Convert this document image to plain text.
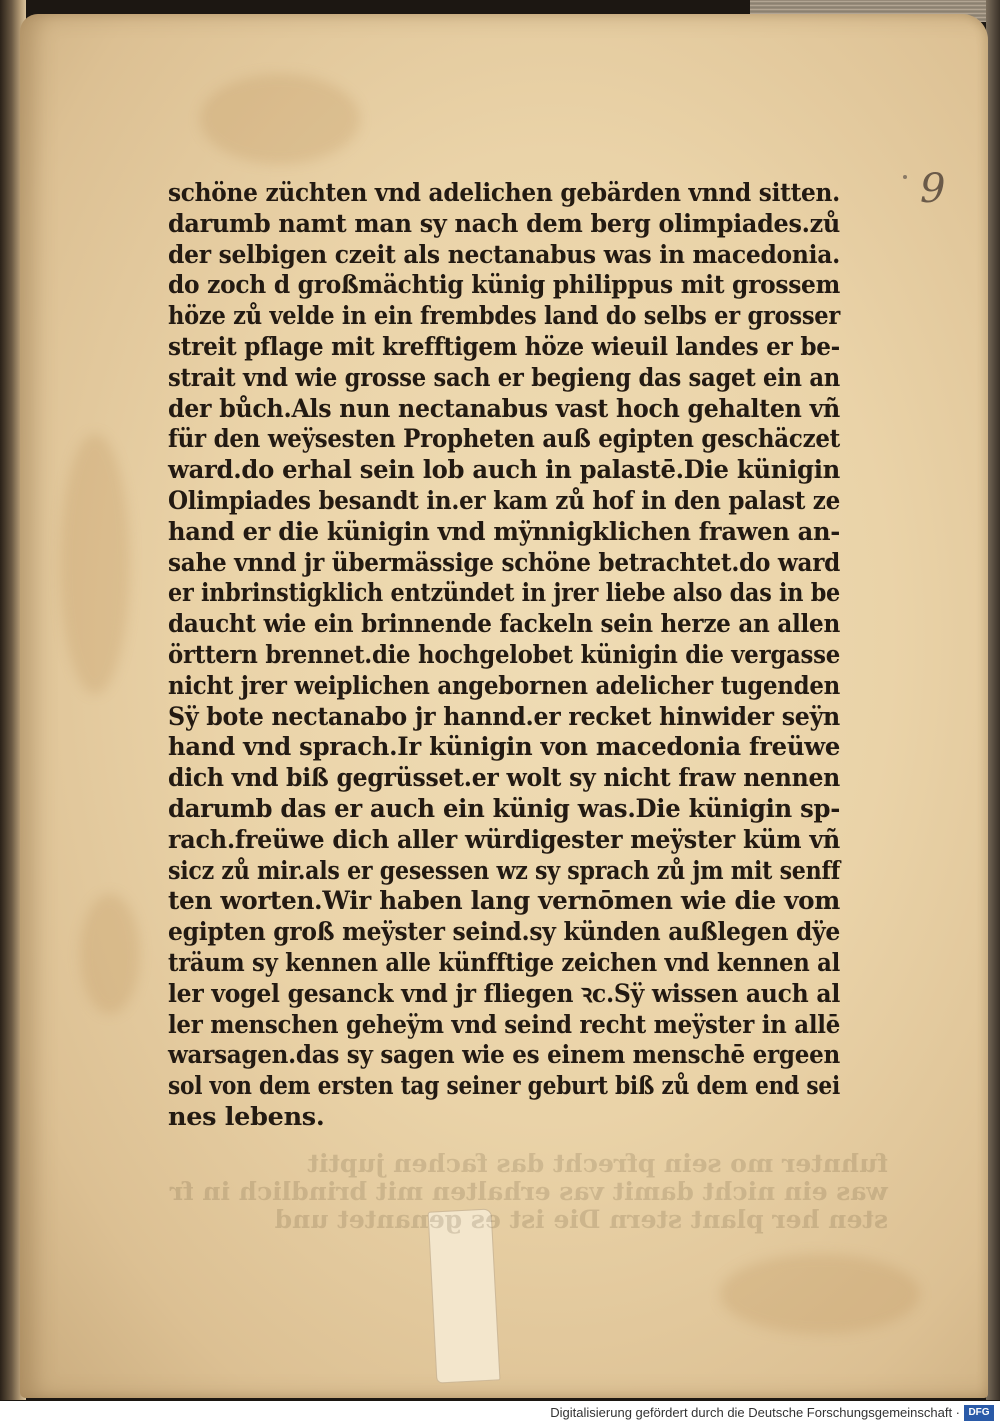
9
fuhnter mo sein pfrecht das fachen juptit
was ein nicht damit vas erhalten mit brindlich in fr
sten her plant stern Die ist es genantet und
schöne züchten vnd adelichen gebärden vnnd sitten.
darumb namt man sy nach dem berg olimpiades.zů
der selbigen czeit als nectanabus was in macedonia.
do zoch d großmächtig künig philippus mit grossem
höze zů velde in ein frembdes land do selbs er grosser
streit pflage mit krefftigem höze wieuil landes er be-
strait vnd wie grosse sach er begieng das saget ein an
der bůch.Als nun nectanabus vast hoch gehalten vñ
für den weÿsesten Propheten auß egipten geschäczet
ward.do erhal sein lob auch in palastē.Die künigin
Olimpiades besandt in.er kam zů hof in den palast ze
hand er die künigin vnd mÿnnigklichen frawen an-
sahe vnnd jr übermässige schöne betrachtet.do ward
er inbrinstigklich entzündet in jrer liebe also das in be
daucht wie ein brinnende fackeln sein herze an allen
örttern brennet.die hochgelobet künigin die vergasse
nicht jrer weiplichen angebornen adelicher tugenden
Sÿ bote nectanabo jr hannd.er recket hinwider seÿn
hand vnd sprach.Ir künigin von macedonia freüwe
dich vnd biß gegrüsset.er wolt sy nicht fraw nennen
darumb das er auch ein künig was.Die künigin sp-
rach.freüwe dich aller würdigester meÿster küm vñ
sicz zů mir.als er gesessen wz sy sprach zů jm mit senff
ten worten.Wir haben lang vernōmen wie die vom
egipten groß meÿster seind.sy künden außlegen dÿe
träum sy kennen alle künfftige zeichen vnd kennen al
ler vogel gesanck vnd jr fliegen ꝛc.Sÿ wissen auch al
ler menschen geheÿm vnd seind recht meÿster in allē
warsagen.das sy sagen wie es einem menschē ergeen
sol von dem ersten tag seiner geburt biß zů dem end sei
nes lebens.
Digitalisierung gefördert durch die Deutsche Forschungsgemeinschaft · DFG
